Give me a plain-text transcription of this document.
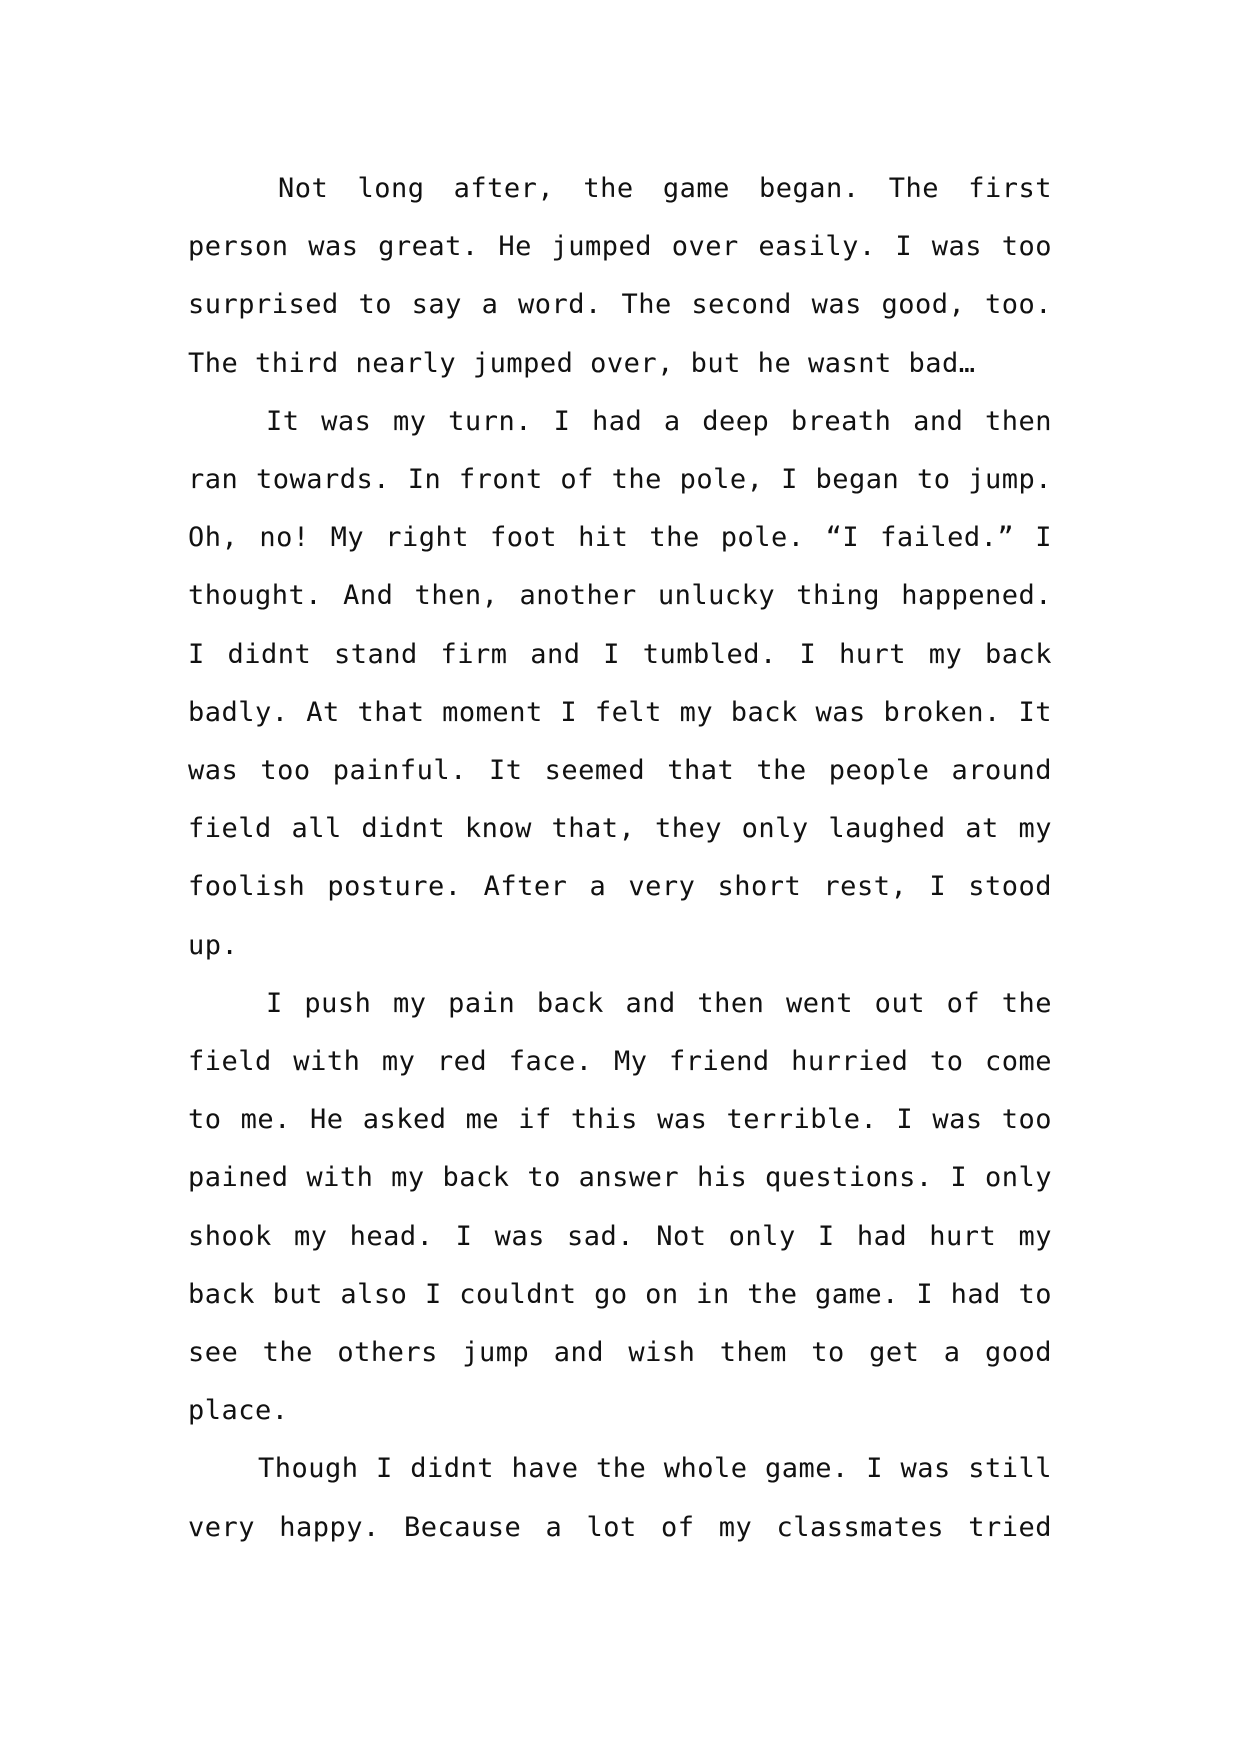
Not long after, the game began. The first person was great. He jumped over easily. I was too surprised to say a word. The second was good, too. The third nearly jumped over, but he wasnt bad…

It was my turn. I had a deep breath and then ran towards. In front of the pole, I began to jump. Oh, no! My right foot hit the pole. “I failed.” I thought. And then, another unlucky thing happened. I didnt stand firm and I tumbled. I hurt my back badly. At that moment I felt my back was broken. It was too painful. It seemed that the people around field all didnt know that, they only laughed at my foolish posture. After a very short rest, I stood up.

I push my pain back and then went out of the field with my red face. My friend hurried to come to me. He asked me if this was terrible. I was too pained with my back to answer his questions. I only shook my head. I was sad. Not only I had hurt my back but also I couldnt go on in the game. I had to see the others jump and wish them to get a good place.

Though I didnt have the whole game. I was still very happy. Because a lot of my classmates tried
